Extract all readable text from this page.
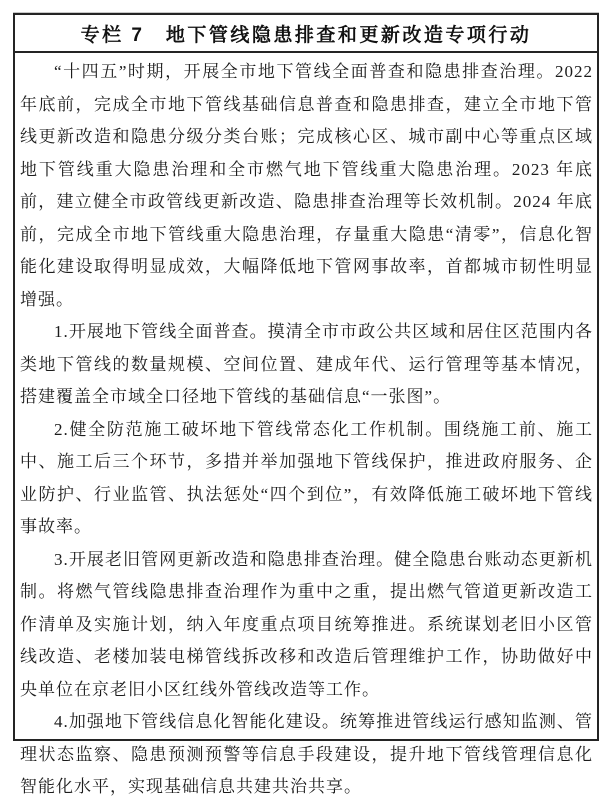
专栏 7　地下管线隐患排查和更新改造专项行动

“十四五”时期，开展全市地下管线全面普查和隐患排查治理。2022年底前，完成全市地下管线基础信息普查和隐患排查，建立全市地下管线更新改造和隐患分级分类台账；完成核心区、城市副中心等重点区域地下管线重大隐患治理和全市燃气地下管线重大隐患治理。2023 年底前，建立健全市政管线更新改造、隐患排查治理等长效机制。2024 年底前，完成全市地下管线重大隐患治理，存量重大隐患“清零”，信息化智能化建设取得明显成效，大幅降低地下管网事故率，首都城市韧性明显增强。

1.开展地下管线全面普查。摸清全市市政公共区域和居住区范围内各类地下管线的数量规模、空间位置、建成年代、运行管理等基本情况，搭建覆盖全市域全口径地下管线的基础信息“一张图”。

2.健全防范施工破坏地下管线常态化工作机制。围绕施工前、施工中、施工后三个环节，多措并举加强地下管线保护，推进政府服务、企业防护、行业监管、执法惩处“四个到位”，有效降低施工破坏地下管线事故率。

3.开展老旧管网更新改造和隐患排查治理。健全隐患台账动态更新机制。将燃气管线隐患排查治理作为重中之重，提出燃气管道更新改造工作清单及实施计划，纳入年度重点项目统筹推进。系统谋划老旧小区管线改造、老楼加装电梯管线拆改移和改造后管理维护工作，协助做好中央单位在京老旧小区红线外管线改造等工作。

4.加强地下管线信息化智能化建设。统筹推进管线运行感知监测、管理状态监察、隐患预测预警等信息手段建设，提升地下管线管理信息化智能化水平，实现基础信息共建共治共享。
